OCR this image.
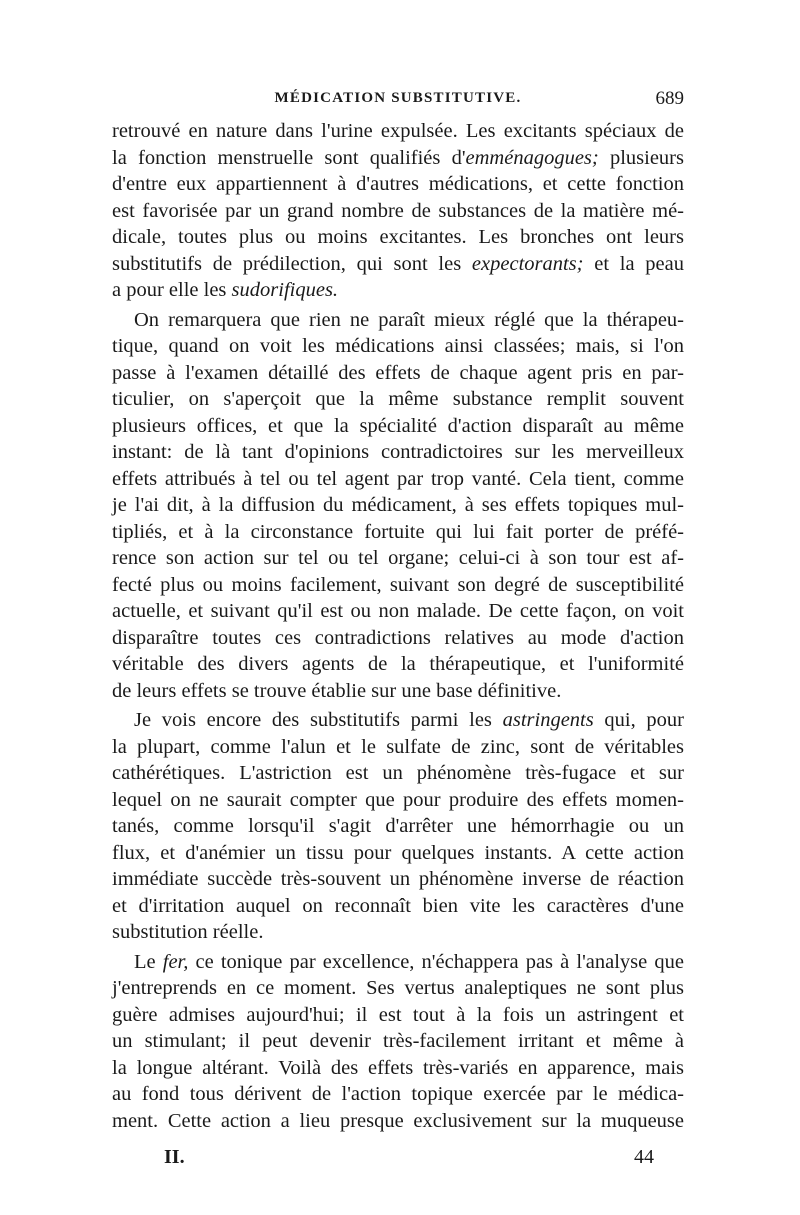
MÉDICATION SUBSTITUTIVE.	689
retrouvé en nature dans l'urine expulsée. Les excitants spéciaux de
la fonction menstruelle sont qualifiés d'emménagogues; plusieurs
d'entre eux appartiennent à d'autres médications, et cette fonction
est favorisée par un grand nombre de substances de la matière mé-
dicale, toutes plus ou moins excitantes. Les bronches ont leurs
substitutifs de prédilection, qui sont les expectorants; et la peau
a pour elle les sudorifiques.
On remarquera que rien ne paraît mieux réglé que la thérapeu-
tique, quand on voit les médications ainsi classées; mais, si l'on
passe à l'examen détaillé des effets de chaque agent pris en par-
ticulier, on s'aperçoit que la même substance remplit souvent
plusieurs offices, et que la spécialité d'action disparaît au même
instant: de là tant d'opinions contradictoires sur les merveilleux
effets attribués à tel ou tel agent par trop vanté. Cela tient, comme
je l'ai dit, à la diffusion du médicament, à ses effets topiques mul-
tipliés, et à la circonstance fortuite qui lui fait porter de préfé-
rence son action sur tel ou tel organe; celui-ci à son tour est af-
fecté plus ou moins facilement, suivant son degré de susceptibilité
actuelle, et suivant qu'il est ou non malade. De cette façon, on voit
disparaître toutes ces contradictions relatives au mode d'action
véritable des divers agents de la thérapeutique, et l'uniformité
de leurs effets se trouve établie sur une base définitive.
Je vois encore des substitutifs parmi les astringents qui, pour
la plupart, comme l'alun et le sulfate de zinc, sont de véritables
cathérétiques. L'astriction est un phénomène très-fugace et sur
lequel on ne saurait compter que pour produire des effets momen-
tanés, comme lorsqu'il s'agit d'arrêter une hémorrhagie ou un
flux, et d'anémier un tissu pour quelques instants. A cette action
immédiate succède très-souvent un phénomène inverse de réaction
et d'irritation auquel on reconnaît bien vite les caractères d'une
substitution réelle.
Le fer, ce tonique par excellence, n'échappera pas à l'analyse que
j'entreprends en ce moment. Ses vertus analeptiques ne sont plus
guère admises aujourd'hui; il est tout à la fois un astringent et
un stimulant; il peut devenir très-facilement irritant et même à
la longue altérant. Voilà des effets très-variés en apparence, mais
au fond tous dérivent de l'action topique exercée par le médica-
ment. Cette action a lieu presque exclusivement sur la muqueuse
II.	44
